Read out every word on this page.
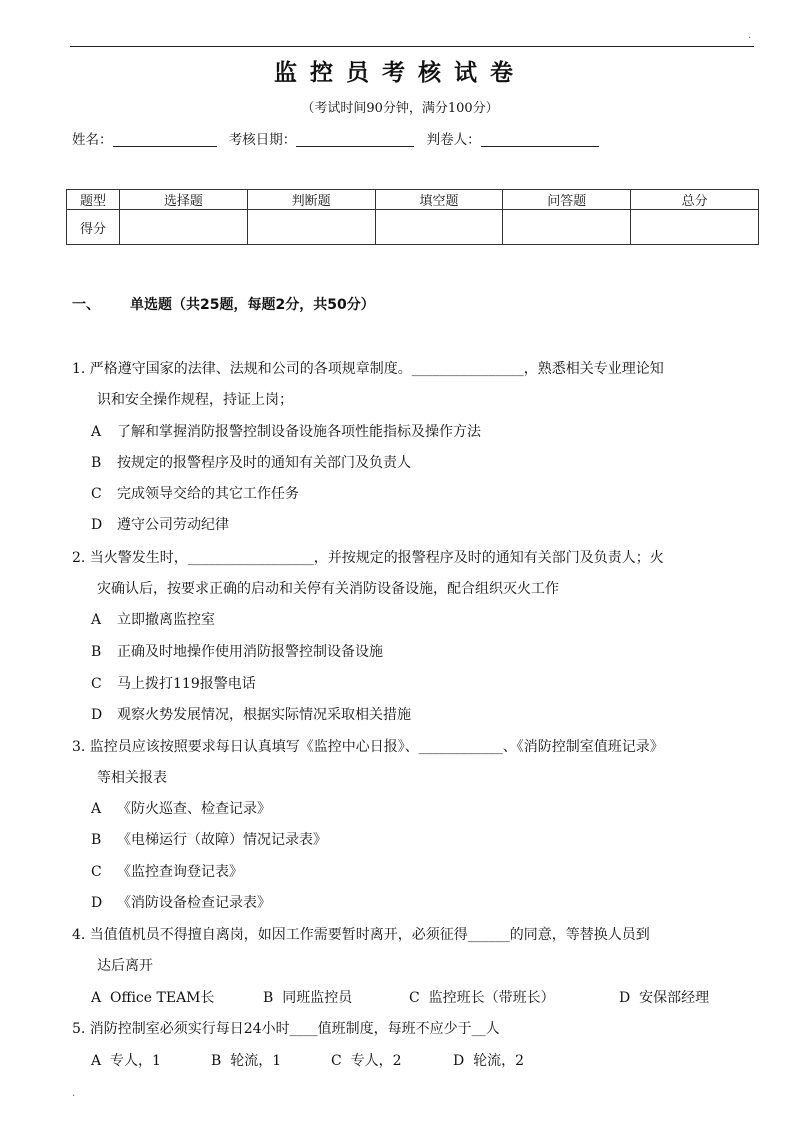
.
监控员考核试卷
（考试时间90分钟，满分100分）
姓名：	考核日期：	判卷人：
题型	选择题	判断题	填空题	问答题	总分
得分					
一、 单选题（共25题，每题2分，共50分）
1. 严格遵守国家的法律、法规和公司的各项规章制度。________________，熟悉相关专业理论知
识和安全操作规程，持证上岗；
A 了解和掌握消防报警控制设备设施各项性能指标及操作方法
B 按规定的报警程序及时的通知有关部门及负责人
C 完成领导交给的其它工作任务
D 遵守公司劳动纪律
2. 当火警发生时，__________________，并按规定的报警程序及时的通知有关部门及负责人；火
灾确认后，按要求正确的启动和关停有关消防设备设施，配合组织灭火工作
A 立即撤离监控室
B 正确及时地操作使用消防报警控制设备设施
C 马上拨打119报警电话
D 观察火势发展情况，根据实际情况采取相关措施
3. 监控员应该按照要求每日认真填写《监控中心日报》、____________、《消防控制室值班记录》
等相关报表
A 《防火巡查、检查记录》
B 《电梯运行（故障）情况记录表》
C 《监控查询登记表》
D 《消防设备检查记录表》
4. 当值值机员不得擅自离岗，如因工作需要暂时离开，必须征得______的同意，等替换人员到
达后离开
A Office TEAM长	B 同班监控员	C 监控班长（带班长）	D 安保部经理
5. 消防控制室必须实行每日24小时____值班制度，每班不应少于__人
A 专人，1	B 轮流，1	C 专人，2	D 轮流，2
.
